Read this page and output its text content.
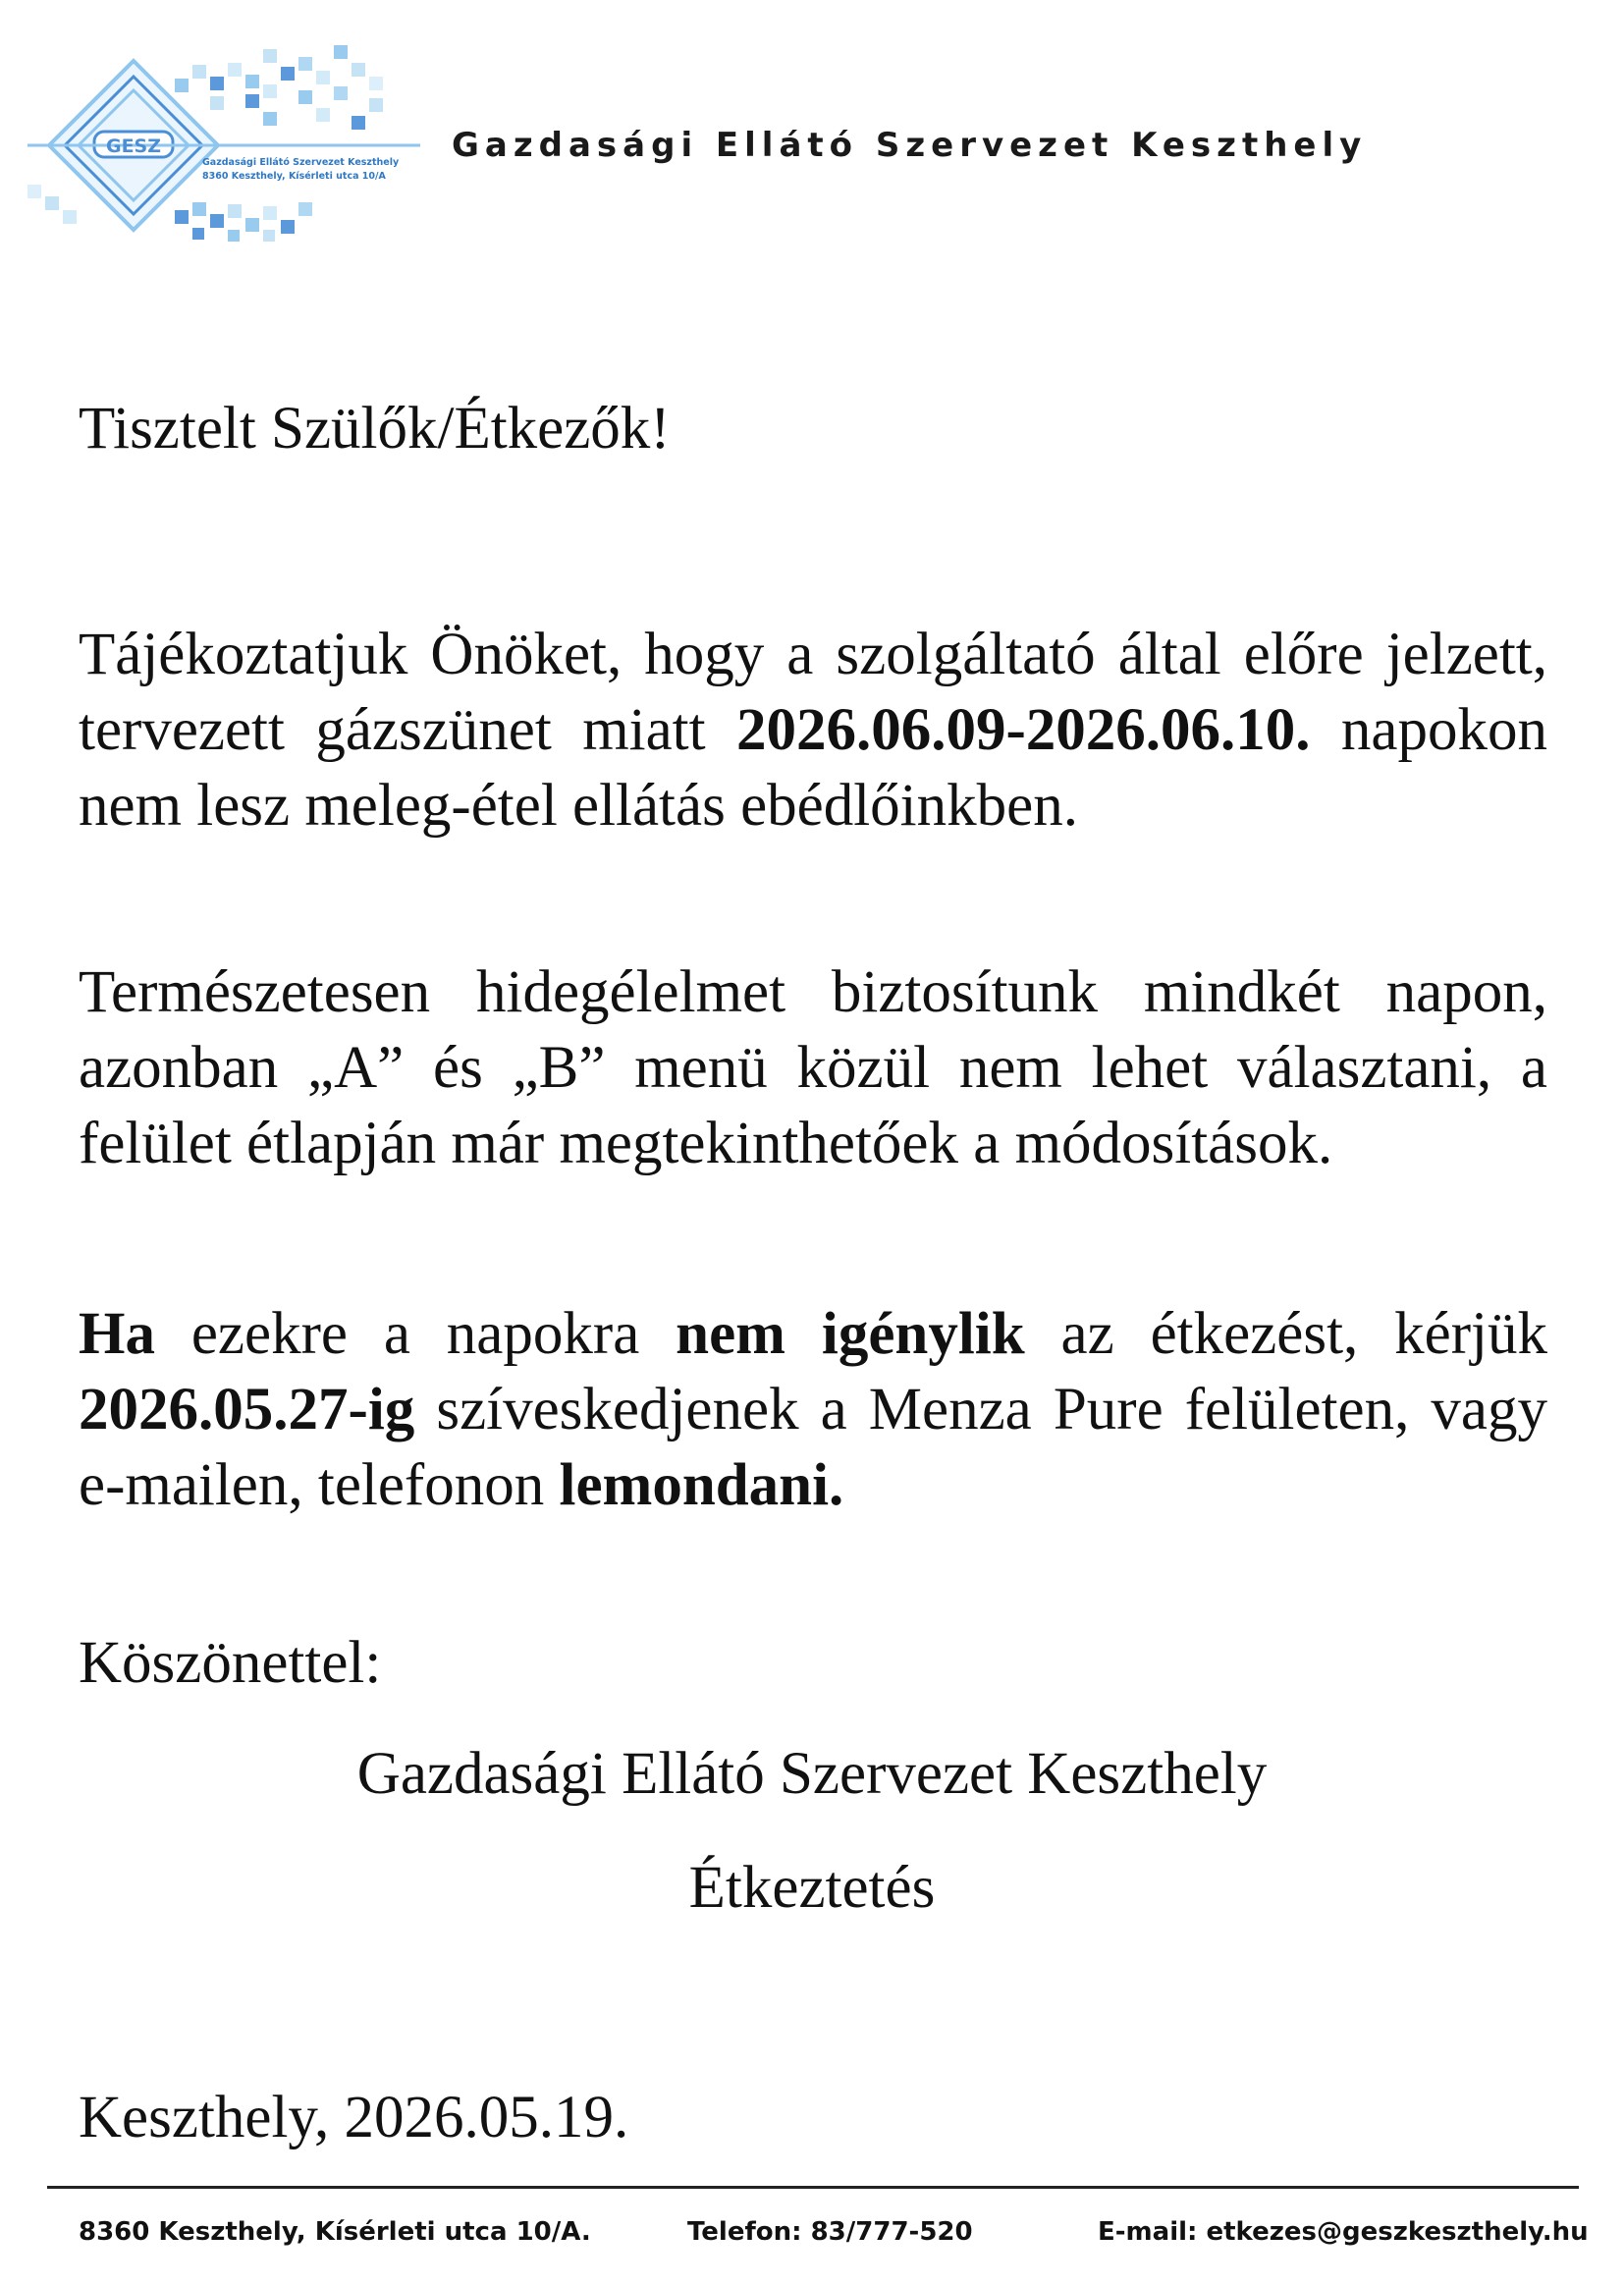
GESZ
Gazdasági Ellátó Szervezet Keszthely
8360 Keszthely, Kísérleti utca 10/A
Gazdasági Ellátó Szervezet Keszthely
Tisztelt Szülők/Étkezők!
Tájékoztatjuk Önöket, hogy a szolgáltató által előre jelzett, tervezett gázszünet miatt 2026.06.09-2026.06.10. napokon nem lesz meleg-étel ellátás ebédlőinkben.
Természetesen hidegélelmet biztosítunk mindkét napon, azonban „A” és „B” menü közül nem lehet választani, a felület étlapján már megtekinthetőek a módosítások.
Ha ezekre a napokra nem igénylik az étkezést, kérjük 2026.05.27-ig szíveskedjenek a Menza Pure felületen, vagy e-mailen, telefonon lemondani.
Köszönettel:
Gazdasági Ellátó Szervezet Keszthely
Étkeztetés
Keszthely, 2026.05.19.
8360 Keszthely, Kísérleti utca 10/A.	Telefon: 83/777-520	E-mail: etkezes@geszkeszthely.hu
